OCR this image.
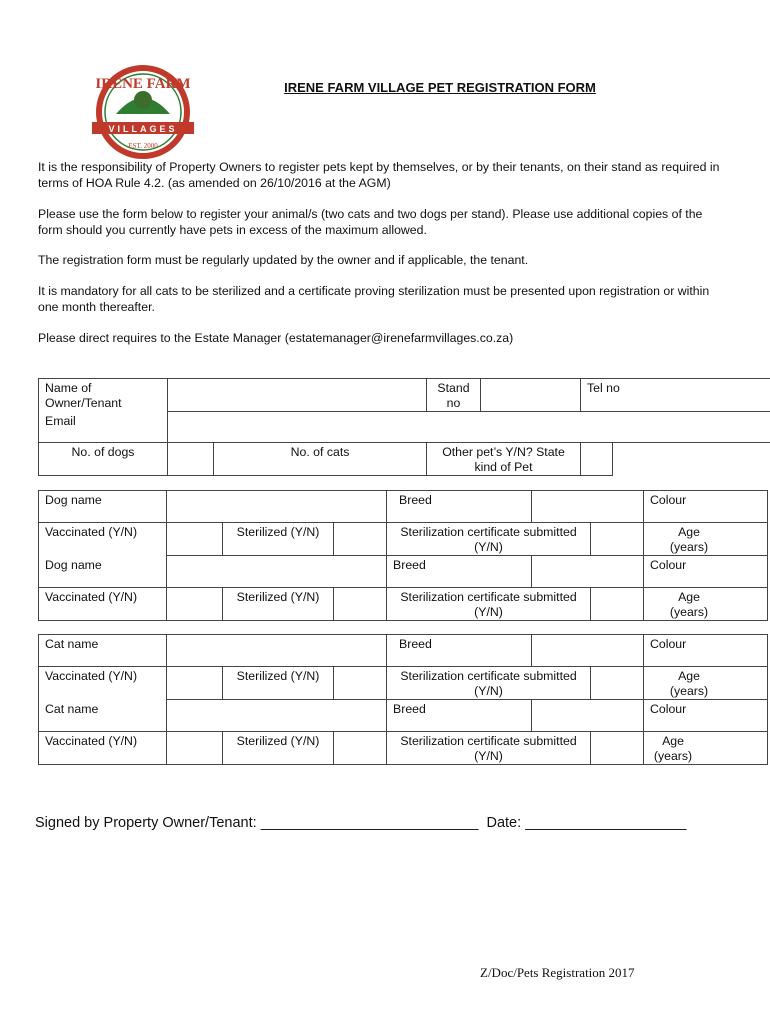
IRENE FARM
VILLAGES
EST. 2000
IRENE FARM VILLAGE PET REGISTRATION FORM
It is the responsibility of Property Owners to register pets kept by themselves, or by their tenants, on their stand as required in terms of HOA Rule 4.2. (as amended on 26/10/2016 at the AGM)
Please use the form below to register your animal/s (two cats and two dogs per stand). Please use additional copies of the form should you currently have pets in excess of the maximum allowed.
The registration form must be regularly updated by the owner and if applicable, the tenant.
It is mandatory for all cats to be sterilized and a certificate proving sterilization must be presented upon registration or within one month thereafter.
Please direct requires to the Estate Manager (estatemanager@irenefarmvillages.co.za)
Name of Owner/Tenant			Stand no		Tel no	
Email						
No. of dogs		No. of cats	Other pet’s Y/N? State kind of Pet			
Dog name				Breed			Colour
Vaccinated (Y/N)		Sterilized (Y/N)		Sterilization certificate submitted (Y/N)			Age (years)
Dog name				Breed			Colour
Vaccinated (Y/N)		Sterilized (Y/N)		Sterilization certificate submitted (Y/N)			Age (years)
Cat name				Breed			Colour
Vaccinated (Y/N)		Sterilized (Y/N)		Sterilization certificate submitted (Y/N)			Age (years)
Cat name				Breed			Colour
Vaccinated (Y/N)		Sterilized (Y/N)		Sterilization certificate submitted (Y/N)			Age (years)
Signed by Property Owner/Tenant: ___________________________ Date: ____________________
Z/Doc/Pets Registration 2017
